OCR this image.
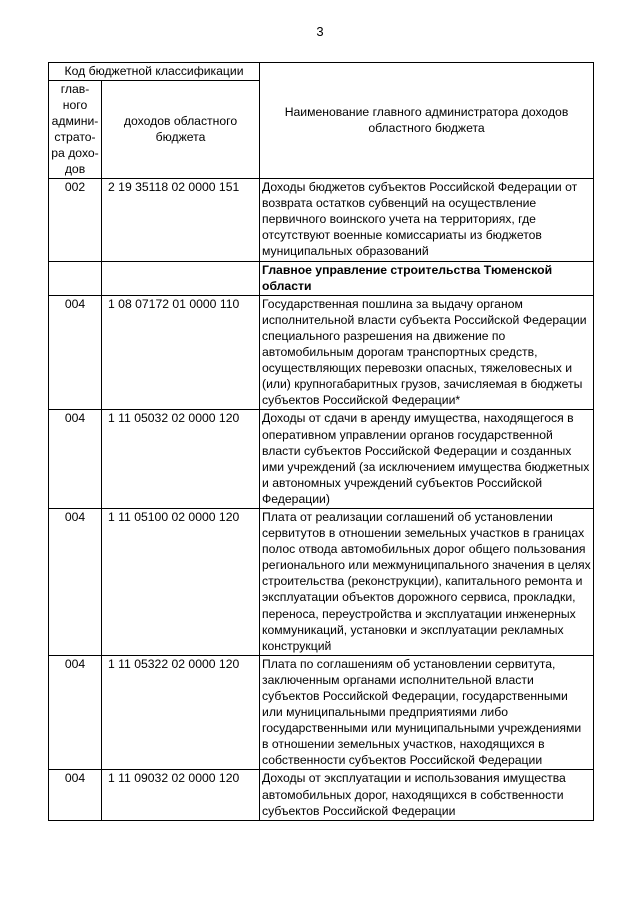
3
Код бюджетной классификации		Наименование главного администратора доходов областного бюджета
глав-ного админи-страто-ра дохо-дов	доходов областного бюджета	
002	2 19 35118 02 0000 151	Доходы бюджетов субъектов Российской Федерации от возврата остатков субвенций на осуществление первичного воинского учета на территориях, где отсутствуют военные комиссариаты из бюджетов муниципальных образований
		Главное управление строительства Тюменской области
004	1 08 07172 01 0000 110	Государственная пошлина за выдачу органом исполнительной власти субъекта Российской Федерации специального разрешения на движение по автомобильным дорогам транспортных средств, осуществляющих перевозки опасных, тяжеловесных и (или) крупногабаритных грузов, зачисляемая в бюджеты субъектов Российской Федерации*
004	1 11 05032 02 0000 120	Доходы от сдачи в аренду имущества, находящегося в оперативном управлении органов государственной власти субъектов Российской Федерации и созданных ими учреждений (за исключением имущества бюджетных и автономных учреждений субъектов Российской Федерации)
004	1 11 05100 02 0000 120	Плата от реализации соглашений об установлении сервитутов в отношении земельных участков в границах полос отвода автомобильных дорог общего пользования регионального или межмуниципального значения в целях строительства (реконструкции), капитального ремонта и эксплуатации объектов дорожного сервиса, прокладки, переноса, переустройства и эксплуатации инженерных коммуникаций, установки и эксплуатации рекламных конструкций
004	1 11 05322 02 0000 120	Плата по соглашениям об установлении сервитута, заключенным органами исполнительной власти субъектов Российской Федерации, государственными или муниципальными предприятиями либо государственными или муниципальными учреждениями в отношении земельных участков, находящихся в собственности субъектов Российской Федерации
004	1 11 09032 02 0000 120	Доходы от эксплуатации и использования имущества автомобильных дорог, находящихся в собственности субъектов Российской Федерации
